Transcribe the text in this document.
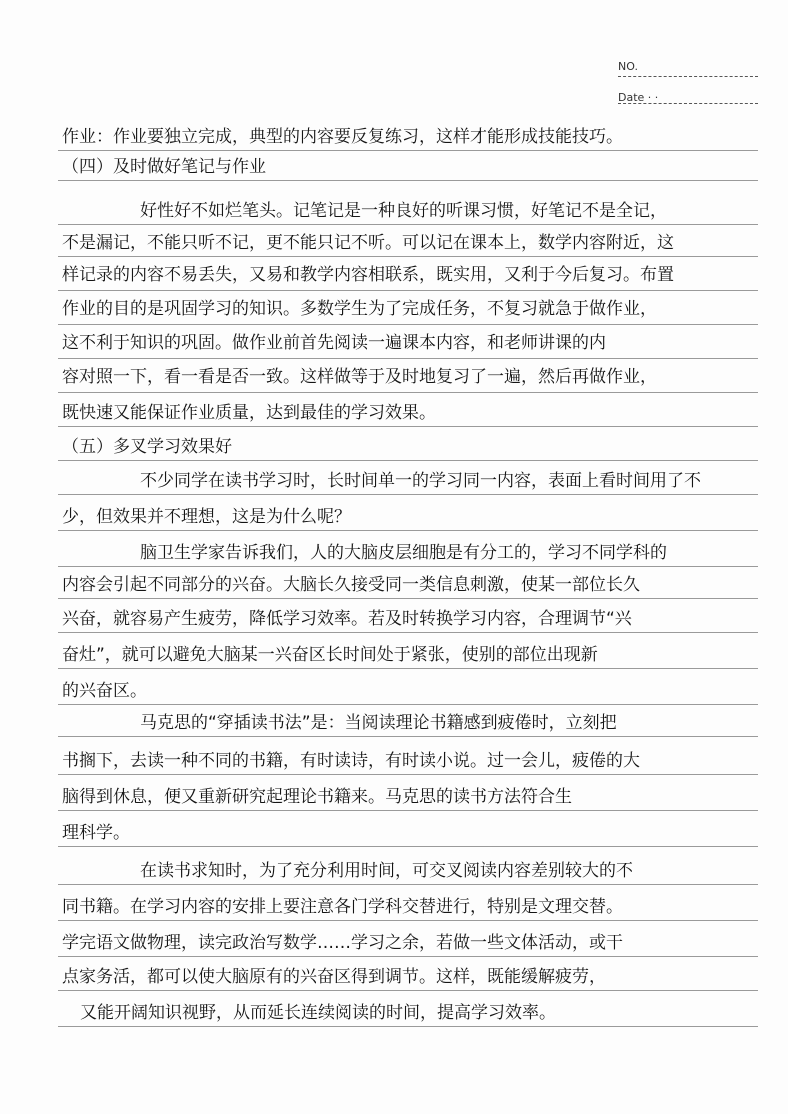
NO.
Date · ·
作业：作业要独立完成，典型的内容要反复练习，这样才能形成技能技巧。
（四）及时做好笔记与作业
好性好不如烂笔头。记笔记是一种良好的听课习惯，好笔记不是全记，
不是漏记，不能只听不记，更不能只记不听。可以记在课本上，数学内容附近，这
样记录的内容不易丢失，又易和教学内容相联系，既实用，又利于今后复习。布置
作业的目的是巩固学习的知识。多数学生为了完成任务，不复习就急于做作业，
这不利于知识的巩固。做作业前首先阅读一遍课本内容，和老师讲课的内
容对照一下，看一看是否一致。这样做等于及时地复习了一遍，然后再做作业，
既快速又能保证作业质量，达到最佳的学习效果。
（五）多叉学习效果好
不少同学在读书学习时，长时间单一的学习同一内容，表面上看时间用了不
少，但效果并不理想，这是为什么呢？
脑卫生学家告诉我们，人的大脑皮层细胞是有分工的，学习不同学科的
内容会引起不同部分的兴奋。大脑长久接受同一类信息刺激，使某一部位长久
兴奋，就容易产生疲劳，降低学习效率。若及时转换学习内容，合理调节“兴
奋灶”，就可以避免大脑某一兴奋区长时间处于紧张，使别的部位出现新
的兴奋区。
马克思的“穿插读书法”是：当阅读理论书籍感到疲倦时，立刻把
书搁下，去读一种不同的书籍，有时读诗，有时读小说。过一会儿，疲倦的大
脑得到休息，便又重新研究起理论书籍来。马克思的读书方法符合生
理科学。
在读书求知时，为了充分利用时间，可交叉阅读内容差别较大的不
同书籍。在学习内容的安排上要注意各门学科交替进行，特别是文理交替。
学完语文做物理，读完政治写数学……学习之余，若做一些文体活动，或干
点家务活，都可以使大脑原有的兴奋区得到调节。这样，既能缓解疲劳，
又能开阔知识视野，从而延长连续阅读的时间，提高学习效率。
